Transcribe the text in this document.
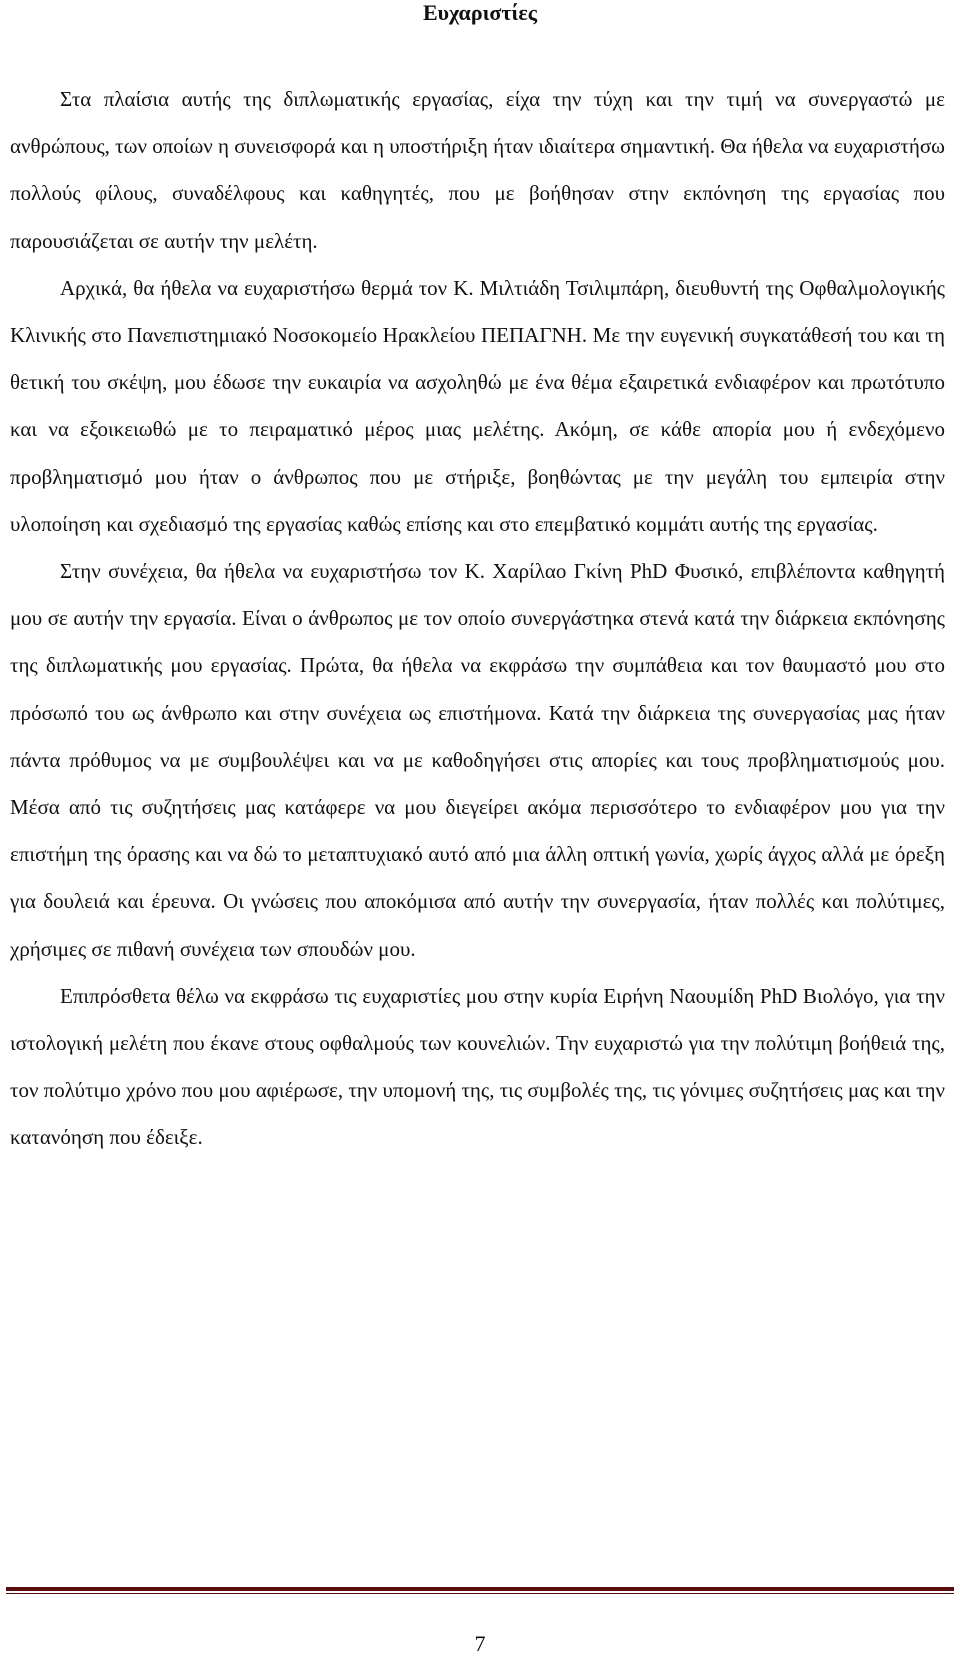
Ευχαριστίες

Στα πλαίσια αυτής της διπλωματικής εργασίας, είχα την τύχη και την τιμή να συνεργαστώ με ανθρώπους, των οποίων η συνεισφορά και η υποστήριξη ήταν ιδιαίτερα σημαντική. Θα ήθελα να ευχαριστήσω πολλούς φίλους, συναδέλφους και καθηγητές, που με βοήθησαν στην εκπόνηση της εργασίας που παρουσιάζεται σε αυτήν την μελέτη.

Αρχικά, θα ήθελα να ευχαριστήσω θερμά τον Κ. Μιλτιάδη Τσιλιμπάρη, διευθυντή της Οφθαλμολογικής Κλινικής στο Πανεπιστημιακό Νοσοκομείο Ηρακλείου ΠΕΠΑΓΝΗ. Με την ευγενική συγκατάθεσή του και τη θετική του σκέψη, μου έδωσε την ευκαιρία να ασχοληθώ με ένα θέμα εξαιρετικά ενδιαφέρον και πρωτότυπο και να εξοικειωθώ με το πειραματικό μέρος μιας μελέτης. Ακόμη, σε κάθε απορία μου ή ενδεχόμενο προβληματισμό μου ήταν ο άνθρωπος που με στήριξε, βοηθώντας με την μεγάλη του εμπειρία στην υλοποίηση και σχεδιασμό της εργασίας καθώς επίσης και στο επεμβατικό κομμάτι αυτής της εργασίας.

Στην συνέχεια, θα ήθελα να ευχαριστήσω τον Κ. Χαρίλαο Γκίνη PhD Φυσικό, επιβλέποντα καθηγητή μου σε αυτήν την εργασία. Είναι ο άνθρωπος με τον οποίο συνεργάστηκα στενά κατά την διάρκεια εκπόνησης της διπλωματικής μου εργασίας. Πρώτα, θα ήθελα να εκφράσω την συμπάθεια και τον θαυμαστό μου στο πρόσωπό του ως άνθρωπο και στην συνέχεια ως επιστήμονα. Κατά την διάρκεια της συνεργασίας μας ήταν πάντα πρόθυμος να με συμβουλέψει και να με καθοδηγήσει στις απορίες και τους προβληματισμούς μου. Μέσα από τις συζητήσεις μας κατάφερε να μου διεγείρει ακόμα περισσότερο το ενδιαφέρον μου για την επιστήμη της όρασης και να δώ το μεταπτυχιακό αυτό από μια άλλη οπτική γωνία, χωρίς άγχος αλλά με όρεξη για δουλειά και έρευνα. Οι γνώσεις που αποκόμισα από αυτήν την συνεργασία, ήταν πολλές και πολύτιμες, χρήσιμες σε πιθανή συνέχεια των σπουδών μου.

Επιπρόσθετα θέλω να εκφράσω τις ευχαριστίες μου στην κυρία Ειρήνη Ναουμίδη PhD Βιολόγο, για την ιστολογική μελέτη που έκανε στους οφθαλμούς των κουνελιών. Την ευχαριστώ για την πολύτιμη βοήθειά της, τον πολύτιμο χρόνο που μου αφιέρωσε, την υπομονή της, τις συμβολές της, τις γόνιμες συζητήσεις μας και την κατανόηση που έδειξε.

7
